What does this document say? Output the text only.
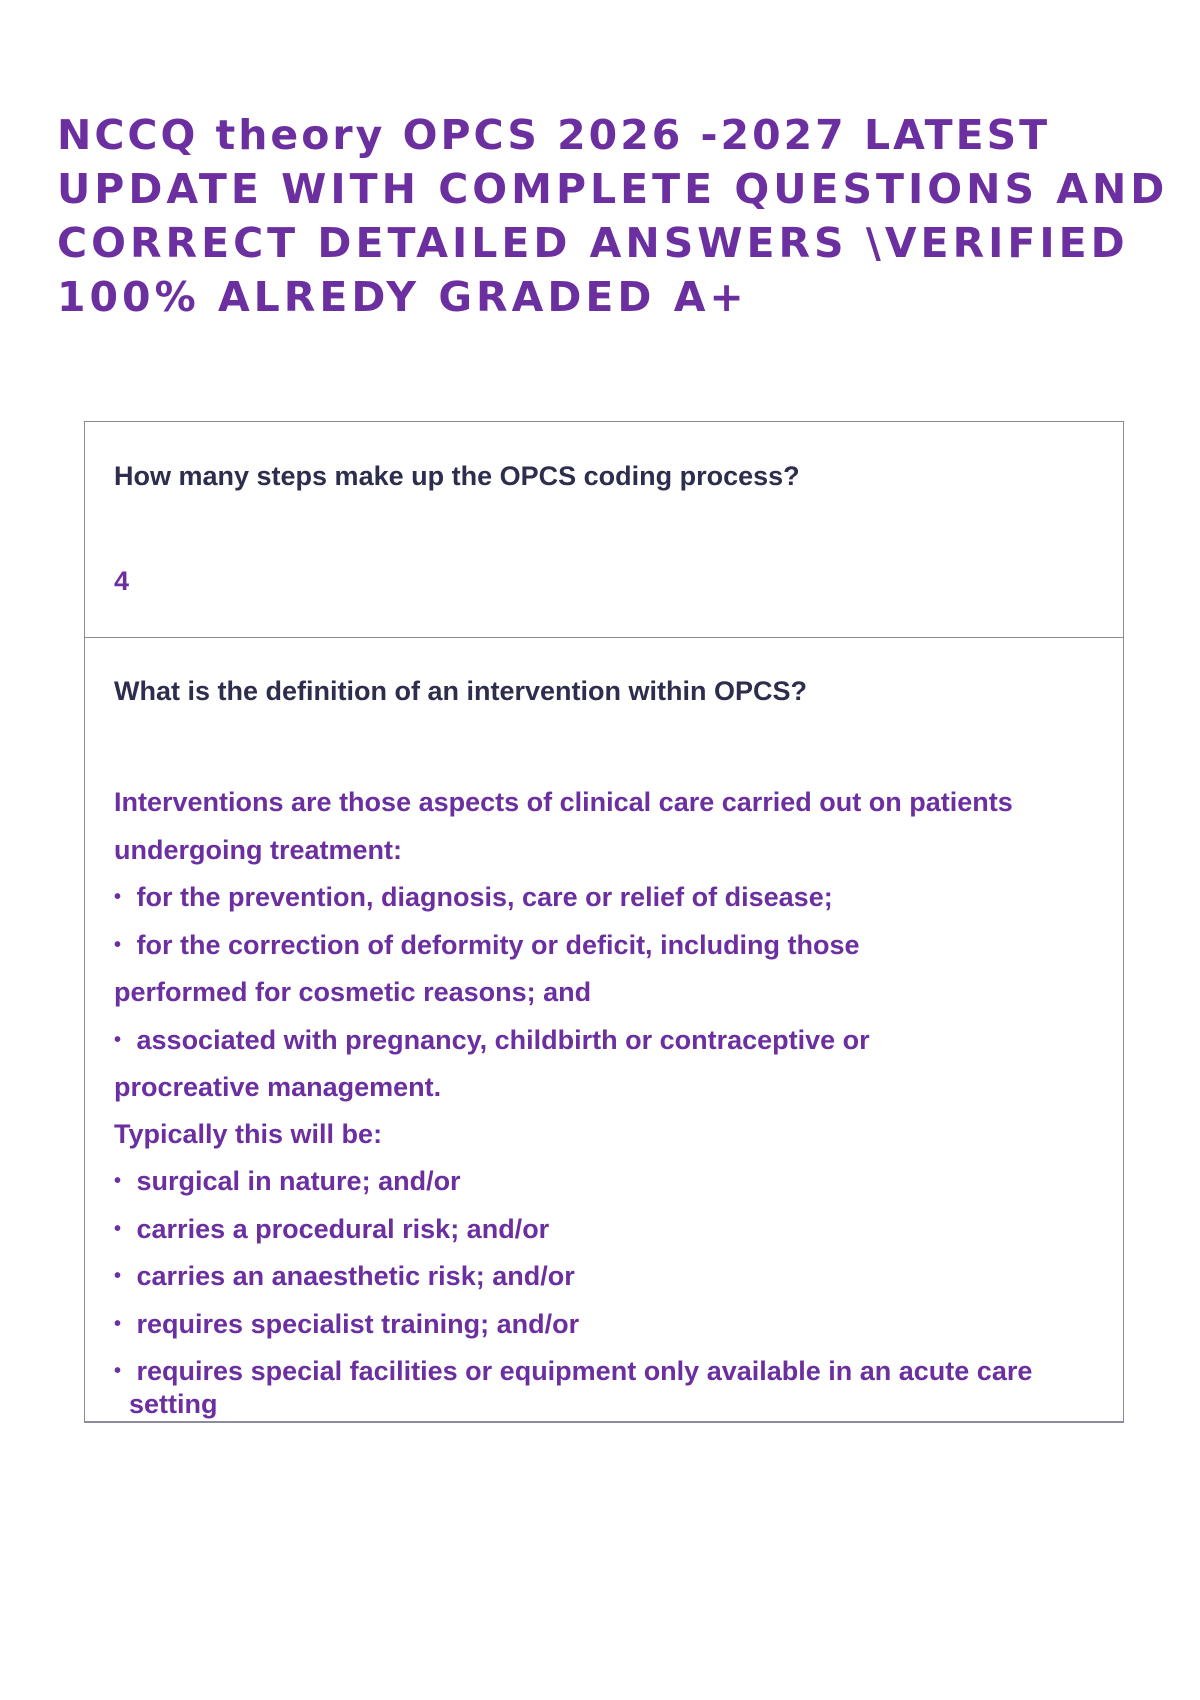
NCCQ theory OPCS 2026 -2027 LATEST
UPDATE WITH COMPLETE QUESTIONS AND
CORRECT DETAILED ANSWERS \VERIFIED
100% ALREDY GRADED A+

How many steps make up the OPCS coding process?

4

What is the definition of an intervention within OPCS?

Interventions are those aspects of clinical care carried out on patients
undergoing treatment:
• for the prevention, diagnosis, care or relief of disease;
• for the correction of deformity or deficit, including those
performed for cosmetic reasons; and
• associated with pregnancy, childbirth or contraceptive or
procreative management.
Typically this will be:
• surgical in nature; and/or
• carries a procedural risk; and/or
• carries an anaesthetic risk; and/or
• requires specialist training; and/or
• requires special facilities or equipment only available in an acute care
setting
